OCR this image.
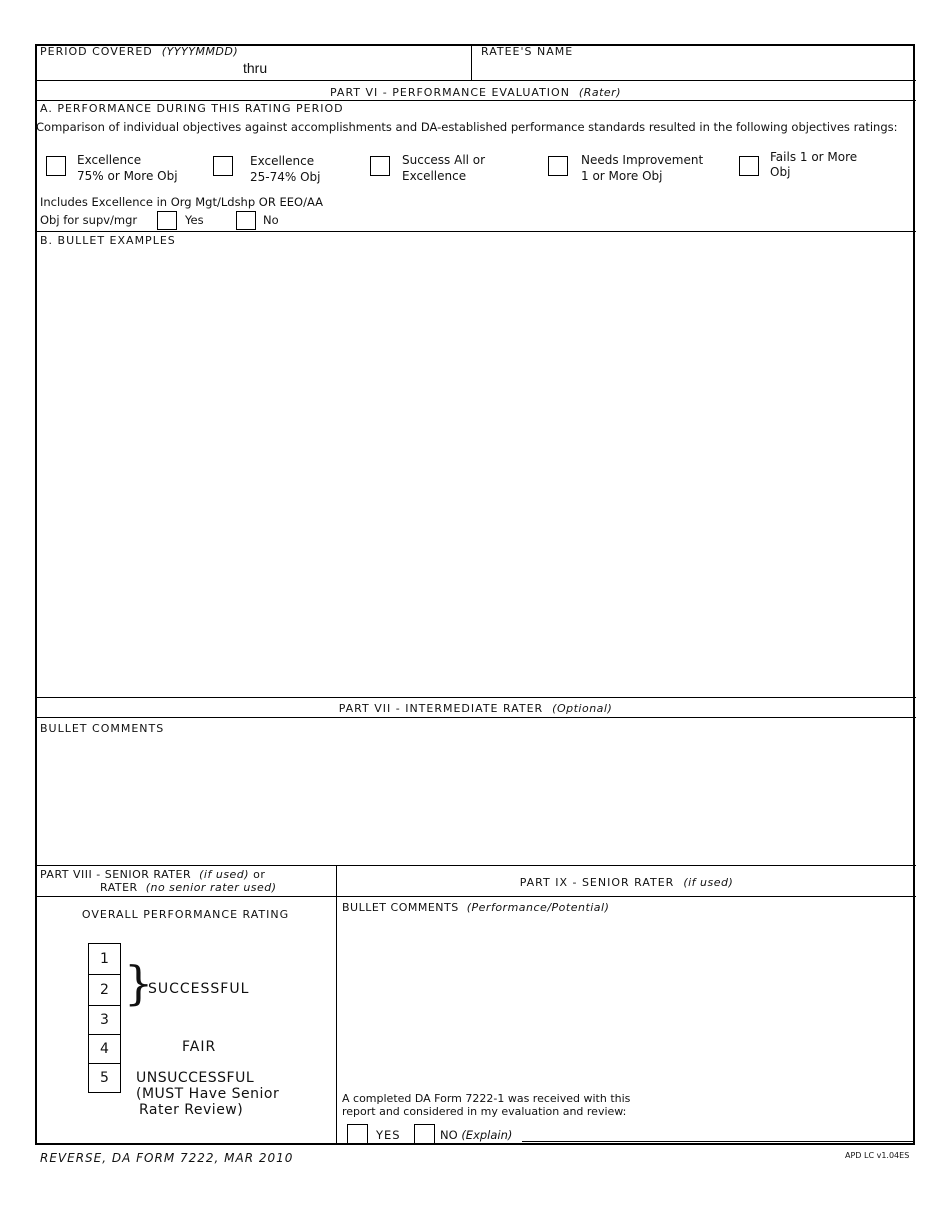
PERIOD COVERED (YYYYMMDD)
thru
RATEE'S NAME
PART VI - PERFORMANCE EVALUATION (Rater)
A. PERFORMANCE DURING THIS RATING PERIOD
Comparison of individual objectives against accomplishments and DA-established performance standards resulted in the following objectives ratings:
Excellence
75% or More Obj
Excellence
25-74% Obj
Success All or
Excellence
Needs Improvement
1 or More Obj
Fails 1 or More
Obj
Includes Excellence in Org Mgt/Ldshp OR EEO/AA
Obj for supv/mgr	Yes	No
B. BULLET EXAMPLES
PART VII - INTERMEDIATE RATER (Optional)
BULLET COMMENTS
PART VIII - SENIOR RATER (if used) or
RATER (no senior rater used)	PART IX - SENIOR RATER (if used)
OVERALL PERFORMANCE RATING
1
2
3
4
5
}
SUCCESSFUL
FAIR
UNSUCCESSFUL
(MUST Have Senior
Rater Review)
BULLET COMMENTS (Performance/Potential)
A completed DA Form 7222-1 was received with this
report and considered in my evaluation and review:
YES	NO (Explain)
REVERSE, DA FORM 7222, MAR 2010	APD LC v1.04ES
